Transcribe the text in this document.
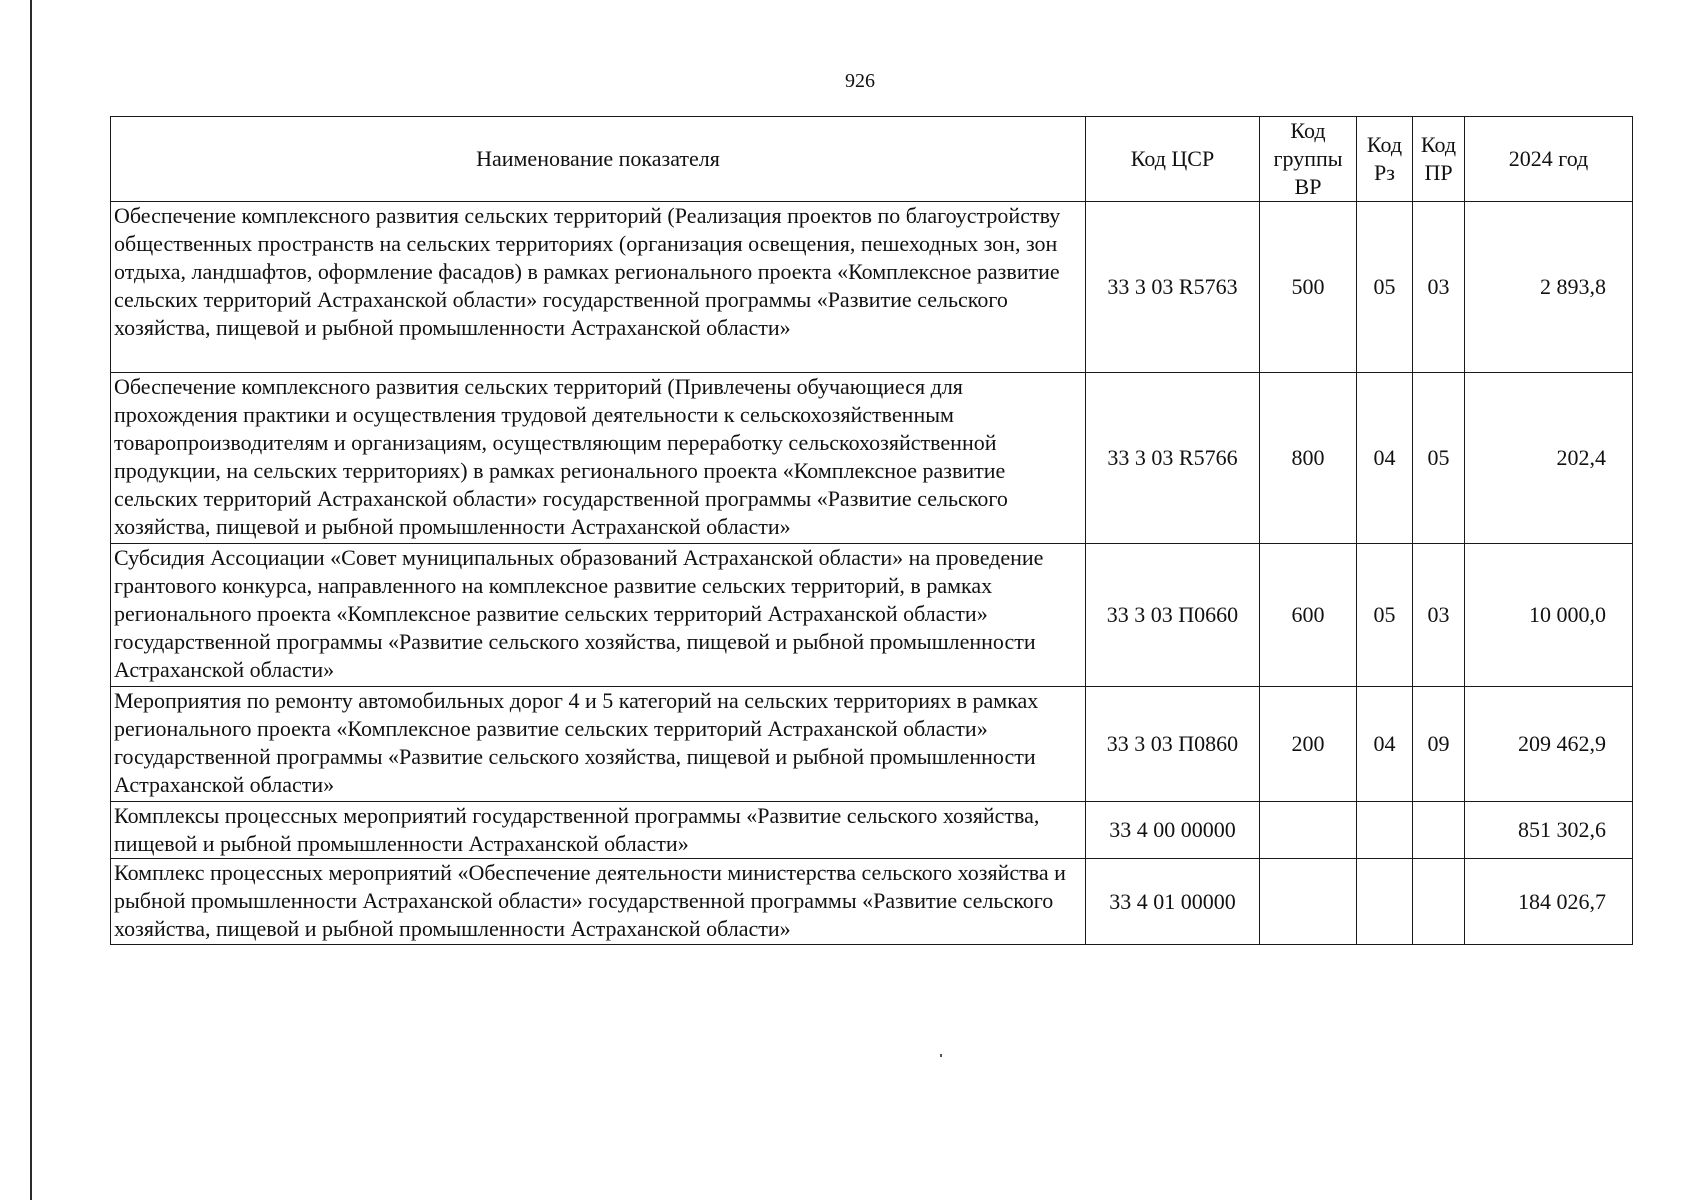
926
Наименование показателя	Код ЦСР	Код группы ВР	Код Рз	Код ПР	2024 год
Обеспечение комплексного развития сельских территорий (Реализация проектов по благоустройству общественных пространств на сельских территориях (организация освещения, пешеходных зон, зон отдыха, ландшафтов, оформление фасадов) в рамках регионального проекта «Комплексное развитие сельских территорий Астраханской области» государственной программы «Развитие сельского хозяйства, пищевой и рыбной промышленности Астраханской области»	33 3 03 R5763	500	05	03	2 893,8
Обеспечение комплексного развития сельских территорий (Привлечены обучающиеся для прохождения практики и осуществления трудовой деятельности к сельскохозяйственным товаропроизводителям и организациям, осуществляющим переработку сельскохозяйственной продукции, на сельских территориях) в рамках регионального проекта «Комплексное развитие сельских территорий Астраханской области» государственной программы «Развитие сельского хозяйства, пищевой и рыбной промышленности Астраханской области»	33 3 03 R5766	800	04	05	202,4
Субсидия Ассоциации «Совет муниципальных образований Астраханской области» на проведение грантового конкурса, направленного на комплексное развитие сельских территорий, в рамках регионального проекта «Комплексное развитие сельских территорий Астраханской области» государственной программы «Развитие сельского хозяйства, пищевой и рыбной промышленности Астраханской области»	33 3 03 П0660	600	05	03	10 000,0
Мероприятия по ремонту автомобильных дорог 4 и 5 категорий на сельских территориях в рамках регионального проекта «Комплексное развитие сельских территорий Астраханской области» государственной программы «Развитие сельского хозяйства, пищевой и рыбной промышленности Астраханской области»	33 3 03 П0860	200	04	09	209 462,9
Комплексы процессных мероприятий государственной программы «Развитие сельского хозяйства, пищевой и рыбной промышленности Астраханской области»	33 4 00 00000				851 302,6
Комплекс процессных мероприятий «Обеспечение деятельности министерства сельского хозяйства и рыбной промышленности Астраханской области» государственной программы «Развитие сельского хозяйства, пищевой и рыбной промышленности Астраханской области»	33 4 01 00000				184 026,7
